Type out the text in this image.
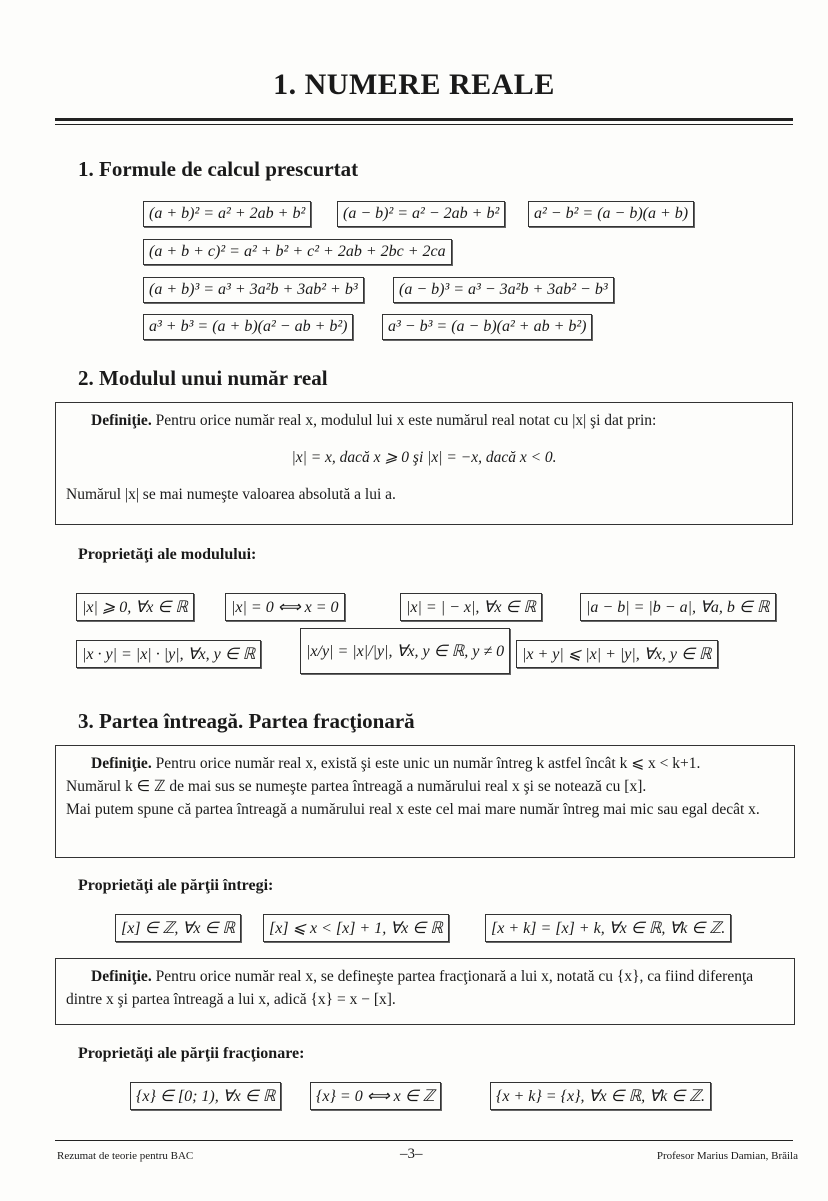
1. NUMERE REALE
1. Formule de calcul prescurtat
(a + b)² = a² + 2ab + b²	(a − b)² = a² − 2ab + b²	a² − b² = (a − b)(a + b)
(a + b + c)² = a² + b² + c² + 2ab + 2bc + 2ca
(a + b)³ = a³ + 3a²b + 3ab² + b³	(a − b)³ = a³ − 3a²b + 3ab² − b³
a³ + b³ = (a + b)(a² − ab + b²)	a³ − b³ = (a − b)(a² + ab + b²)
2. Modulul unui număr real
Definiţie. Pentru orice număr real x, modulul lui x este numărul real notat cu |x| şi dat prin:
|x| = x, dacă x ⩾ 0 şi |x| = −x, dacă x < 0.
Numărul |x| se mai numeşte valoarea absolută a lui a.
Proprietăţi ale modulului:
|x| ⩾ 0, ∀x ∈ ℝ	|x| = 0 ⟺ x = 0	|x| = | − x|, ∀x ∈ ℝ	|a − b| = |b − a|, ∀a, b ∈ ℝ
|x · y| = |x| · |y|, ∀x, y ∈ ℝ	|x/y| = |x|/|y|, ∀x, y ∈ ℝ, y ≠ 0	|x + y| ⩽ |x| + |y|, ∀x, y ∈ ℝ
3. Partea întreagă. Partea fracţionară
Definiţie. Pentru orice număr real x, există şi este unic un număr întreg k astfel încât k ⩽ x < k+1.
Numărul k ∈ ℤ de mai sus se numeşte partea întreagă a numărului real x şi se notează cu [x].
Mai putem spune că partea întreagă a numărului real x este cel mai mare număr întreg mai mic sau egal decât x.
Proprietăţi ale părţii întregi:
[x] ∈ ℤ, ∀x ∈ ℝ	[x] ⩽ x < [x] + 1, ∀x ∈ ℝ	[x + k] = [x] + k, ∀x ∈ ℝ, ∀k ∈ ℤ.
Definiţie. Pentru orice număr real x, se defineşte partea fracţionară a lui x, notată cu {x}, ca fiind diferenţa dintre x şi partea întreagă a lui x, adică {x} = x − [x].
Proprietăţi ale părţii fracţionare:
{x} ∈ [0; 1), ∀x ∈ ℝ	{x} = 0 ⟺ x ∈ ℤ	{x + k} = {x}, ∀x ∈ ℝ, ∀k ∈ ℤ.
Rezumat de teorie pentru BAC	–3–	Profesor Marius Damian, Brăila
